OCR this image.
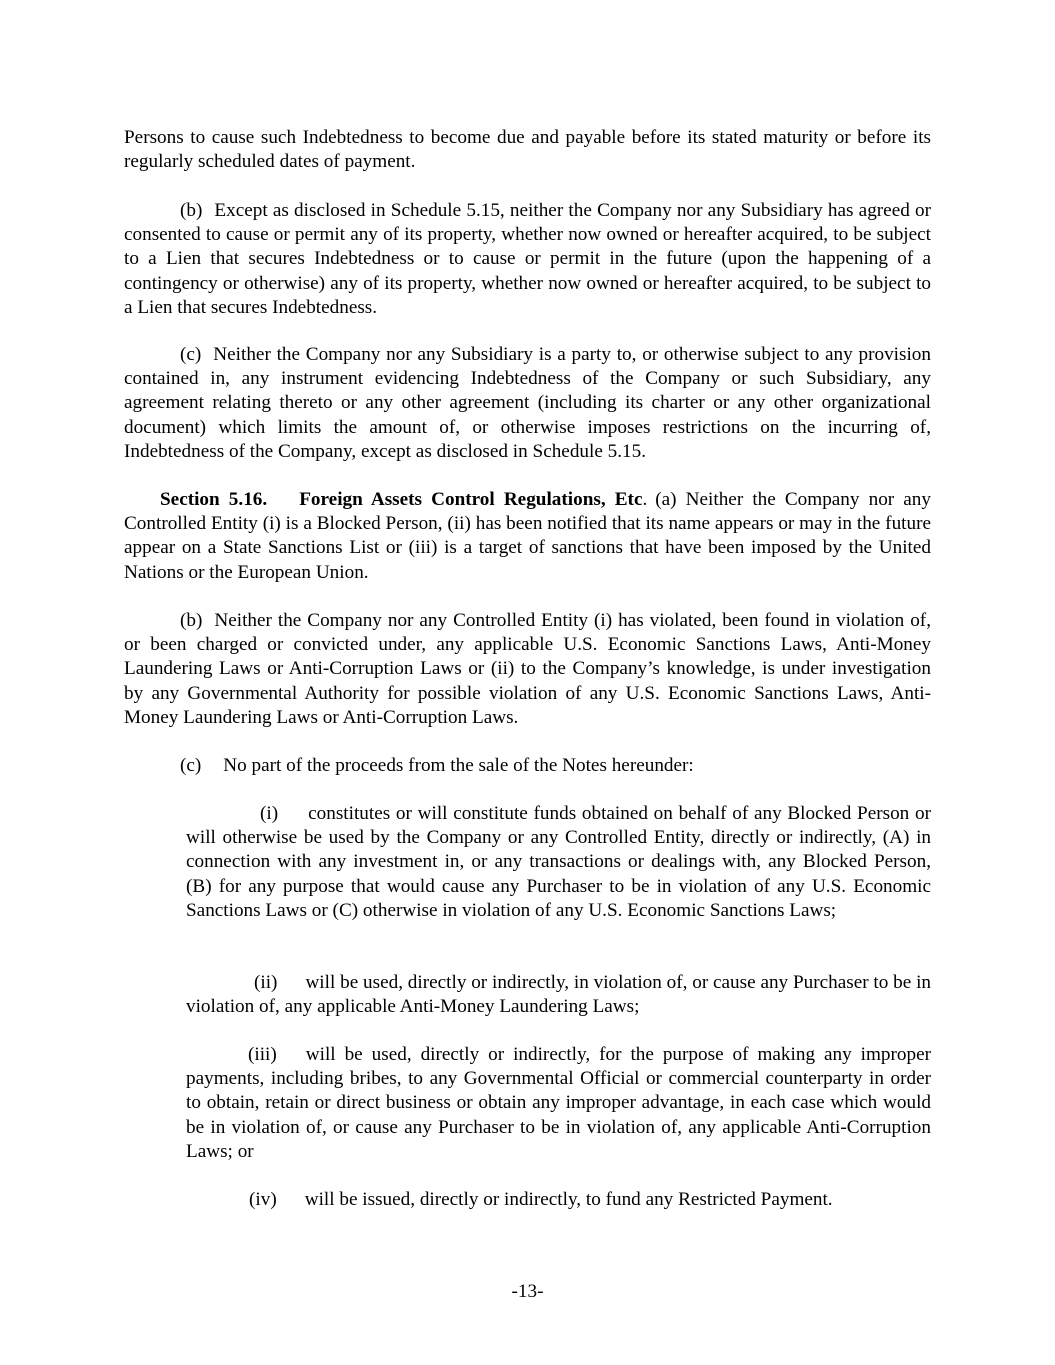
Persons to cause such Indebtedness to become due and payable before its stated maturity or before its regularly scheduled dates of payment.

(b) Except as disclosed in Schedule 5.15, neither the Company nor any Subsidiary has agreed or consented to cause or permit any of its property, whether now owned or hereafter acquired, to be subject to a Lien that secures Indebtedness or to cause or permit in the future (upon the happening of a contingency or otherwise) any of its property, whether now owned or hereafter acquired, to be subject to a Lien that secures Indebtedness.

(c) Neither the Company nor any Subsidiary is a party to, or otherwise subject to any provision contained in, any instrument evidencing Indebtedness of the Company or such Subsidiary, any agreement relating thereto or any other agreement (including its charter or any other organizational document) which limits the amount of, or otherwise imposes restrictions on the incurring of, Indebtedness of the Company, except as disclosed in Schedule 5.15.

Section 5.16. Foreign Assets Control Regulations, Etc. (a) Neither the Company nor any Controlled Entity (i) is a Blocked Person, (ii) has been notified that its name appears or may in the future appear on a State Sanctions List or (iii) is a target of sanctions that have been imposed by the United Nations or the European Union.

(b) Neither the Company nor any Controlled Entity (i) has violated, been found in violation of, or been charged or convicted under, any applicable U.S. Economic Sanctions Laws, Anti-Money Laundering Laws or Anti-Corruption Laws or (ii) to the Company’s knowledge, is under investigation by any Governmental Authority for possible violation of any U.S. Economic Sanctions Laws, Anti-Money Laundering Laws or Anti-Corruption Laws.

(c) No part of the proceeds from the sale of the Notes hereunder:

(i) constitutes or will constitute funds obtained on behalf of any Blocked Person or will otherwise be used by the Company or any Controlled Entity, directly or indirectly, (A) in connection with any investment in, or any transactions or dealings with, any Blocked Person, (B) for any purpose that would cause any Purchaser to be in violation of any U.S. Economic Sanctions Laws or (C) otherwise in violation of any U.S. Economic Sanctions Laws;

(ii) will be used, directly or indirectly, in violation of, or cause any Purchaser to be in violation of, any applicable Anti-Money Laundering Laws;

(iii) will be used, directly or indirectly, for the purpose of making any improper payments, including bribes, to any Governmental Official or commercial counterparty in order to obtain, retain or direct business or obtain any improper advantage, in each case which would be in violation of, or cause any Purchaser to be in violation of, any applicable Anti-Corruption Laws; or

(iv) will be issued, directly or indirectly, to fund any Restricted Payment.

-13-
